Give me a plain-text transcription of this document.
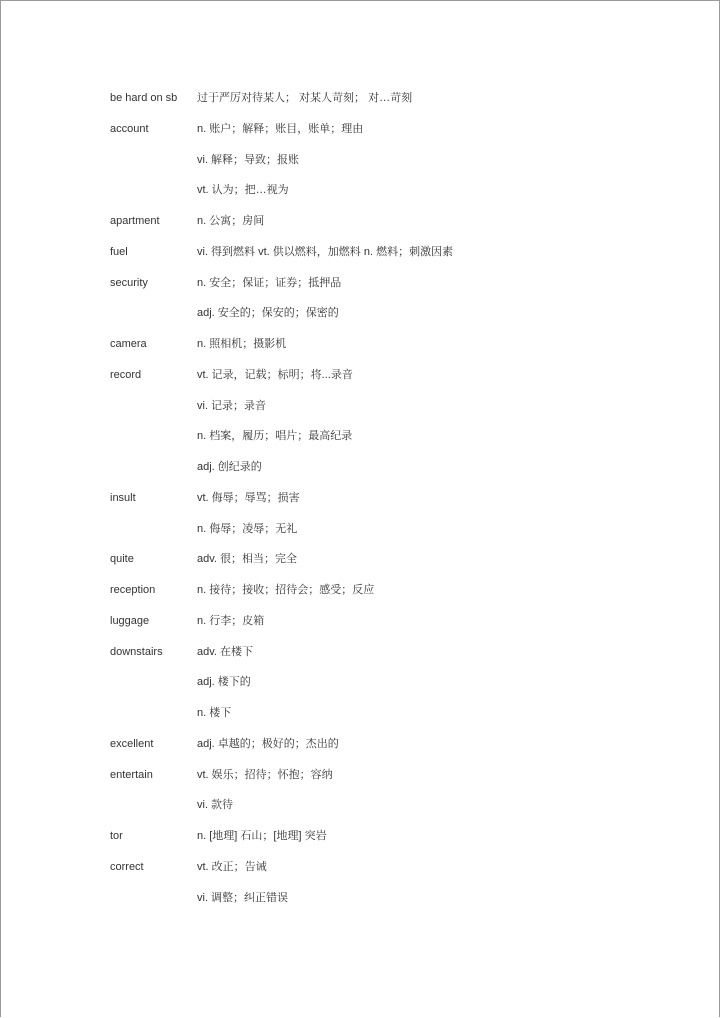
be hard on sb 过于严厉对待某人； 对某人苛刻； 对…苛刻
account	n. 账户；解释；账目，账单；理由
vi. 解释；导致；报账
vt. 认为；把…视为
apartment	n. 公寓；房间
fuel	vi. 得到燃料 vt. 供以燃料，加燃料 n. 燃料；刺激因素
security	n. 安全；保证；证券；抵押品
adj. 安全的；保安的；保密的
camera	n. 照相机；摄影机
record	vt. 记录，记载；标明；将...录音
vi. 记录；录音
n. 档案，履历；唱片；最高纪录
adj. 创纪录的
insult	vt. 侮辱；辱骂；损害
n. 侮辱；凌辱；无礼
quite	adv. 很；相当；完全
reception	n. 接待；接收；招待会；感受；反应
luggage	n. 行李；皮箱
downstairs	adv. 在楼下
adj. 楼下的
n. 楼下
excellent	adj. 卓越的；极好的；杰出的
entertain	vt. 娱乐；招待；怀抱；容纳
vi. 款待
tor	n. [地理] 石山；[地理] 突岩
correct	vt. 改正；告诫
vi. 调整；纠正错误
